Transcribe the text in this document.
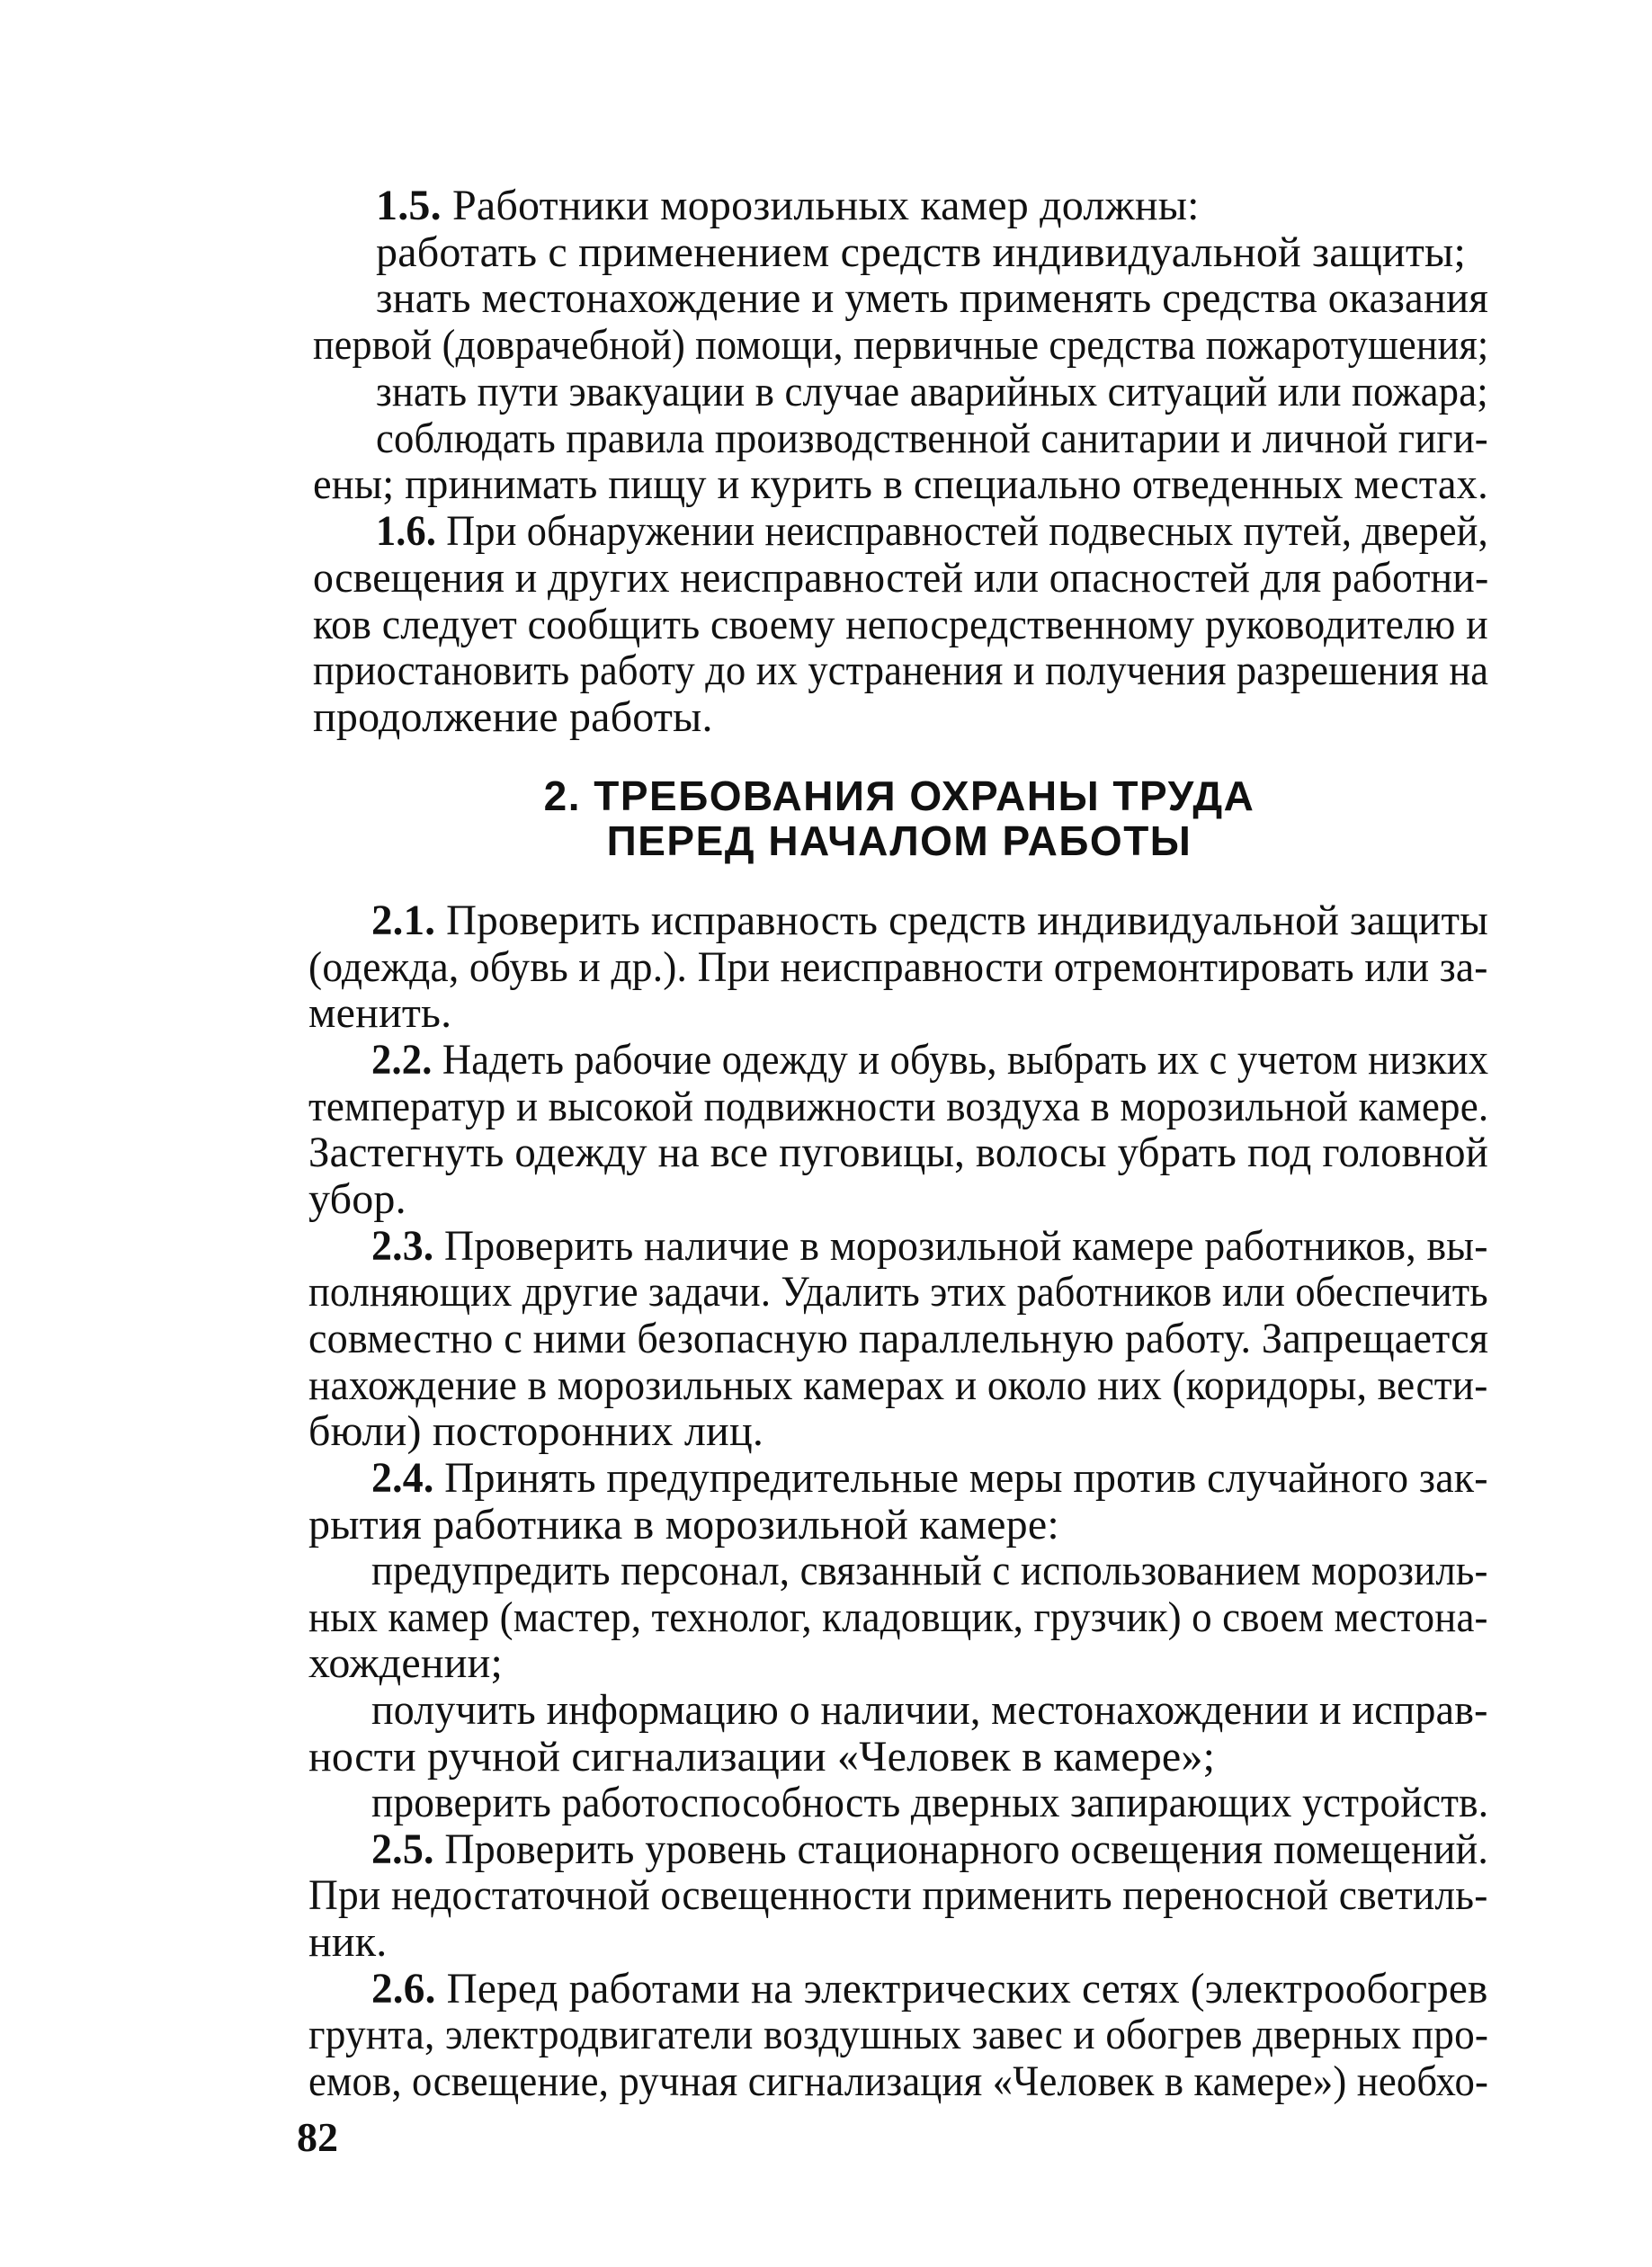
1.5. Работники морозильных камер должны:
работать с применением средств индивидуальной защиты;
знать местонахождение и уметь применять средства оказания
первой (доврачебной) помощи, первичные средства пожаротушения;
знать пути эвакуации в случае аварийных ситуаций или пожара;
соблюдать правила производственной санитарии и личной гиги-
ены; принимать пищу и курить в специально отведенных местах.
1.6. При обнаружении неисправностей подвесных путей, дверей,
освещения и других неисправностей или опасностей для работни-
ков следует сообщить своему непосредственному руководителю и
приостановить работу до их устранения и получения разрешения на
продолжение работы.
2. ТРЕБОВАНИЯ ОХРАНЫ ТРУДА
ПЕРЕД НАЧАЛОМ РАБОТЫ
2.1. Проверить исправность средств индивидуальной защиты
(одежда, обувь и др.). При неисправности отремонтировать или за-
менить.
2.2. Надеть рабочие одежду и обувь, выбрать их с учетом низких
температур и высокой подвижности воздуха в морозильной камере.
Застегнуть одежду на все пуговицы, волосы убрать под головной
убор.
2.3. Проверить наличие в морозильной камере работников, вы-
полняющих другие задачи. Удалить этих работников или обеспечить
совместно с ними безопасную параллельную работу. Запрещается
нахождение в морозильных камерах и около них (коридоры, вести-
бюли) посторонних лиц.
2.4. Принять предупредительные меры против случайного зак-
рытия работника в морозильной камере:
предупредить персонал, связанный с использованием морозиль-
ных камер (мастер, технолог, кладовщик, грузчик) о своем местона-
хождении;
получить информацию о наличии, местонахождении и исправ-
ности ручной сигнализации «Человек в камере»;
проверить работоспособность дверных запирающих устройств.
2.5. Проверить уровень стационарного освещения помещений.
При недостаточной освещенности применить переносной светиль-
ник.
2.6. Перед работами на электрических сетях (электрообогрев
грунта, электродвигатели воздушных завес и обогрев дверных про-
емов, освещение, ручная сигнализация «Человек в камере») необхо-
82
